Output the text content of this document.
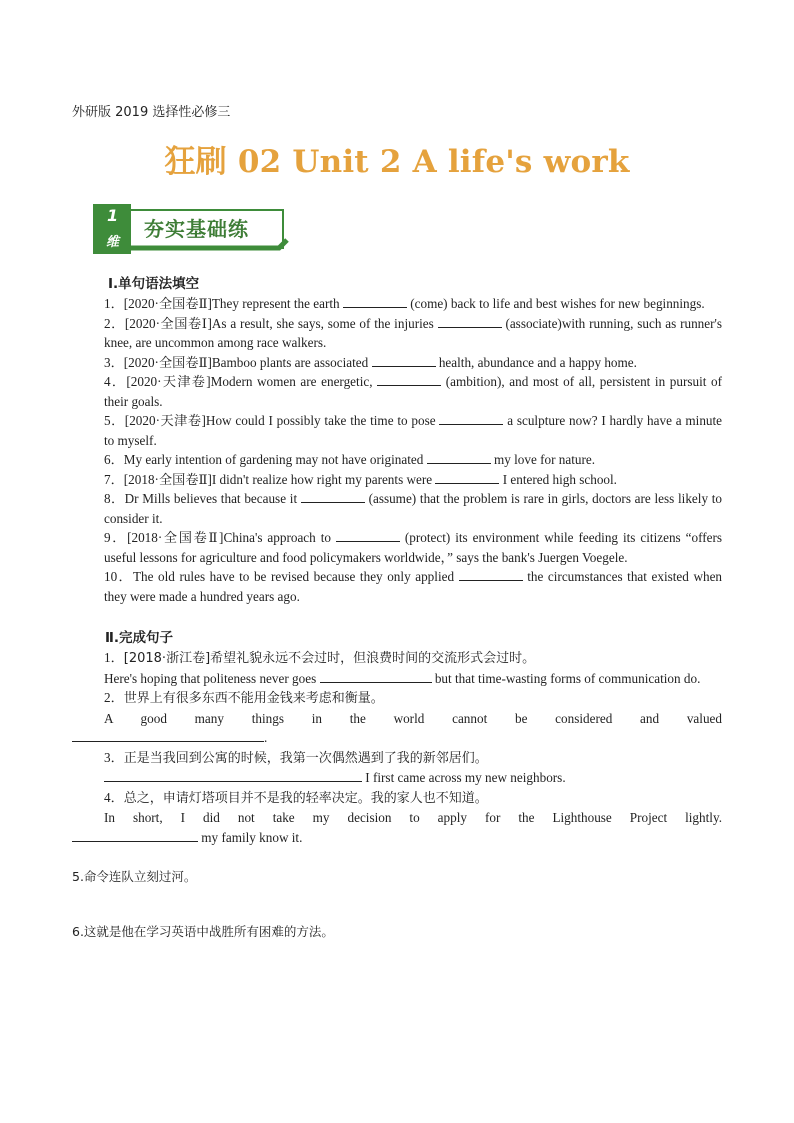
外研版 2019 选择性必修三
狂刷 02 Unit 2 A life's work
1
维
夯实基础练
Ⅰ.单句语法填空

1．[2020·全国卷Ⅱ]They represent the earth	(come) back to life and best wishes for new beginnings.

2．[2020·全国卷Ⅰ]As a result, she says, some of the injuries	(associate)with running, such as runner's knee, are uncommon among race walkers.

3．[2020·全国卷Ⅱ]Bamboo plants are associated	health, abundance and a happy home.

4．[2020·天津卷]Modern women are energetic,	(ambition), and most of all, persistent in pursuit of their goals.

5．[2020·天津卷]How could I possibly take the time to pose	a sculpture now? I hardly have a minute to myself.

6．My early intention of gardening may not have originated	my love for nature.

7．[2018·全国卷Ⅱ]I didn't realize how right my parents were	I entered high school.

8．Dr Mills believes that because it	(assume) that the problem is rare in girls, doctors are less likely to consider it.

9．[2018·全国卷Ⅱ]China's approach to	(protect) its environment while feeding its citizens “offers useful lessons for agriculture and food policymakers worldwide，” says the bank's Juergen Voegele.

10．The old rules have to be revised because they only applied	the circumstances that existed when they were made a hundred years ago.

Ⅱ.完成句子

1．[2018·浙江卷]希望礼貌永远不会过时，但浪费时间的交流形式会过时。

Here's hoping that politeness never goes	but that time-wasting forms of communication do.

2．世界上有很多东西不能用金钱来考虑和衡量。

A good many things in the world cannot be considered and valued

.

3．正是当我回到公寓的时候，我第一次偶然遇到了我的新邻居们。

I first came across my new neighbors.

4．总之，申请灯塔项目并不是我的轻率决定。我的家人也不知道。

In short, I did not take my decision to apply for the Lighthouse Project lightly.

my family know it.

5.命令连队立刻过河。

6.这就是他在学习英语中战胜所有困难的方法。
